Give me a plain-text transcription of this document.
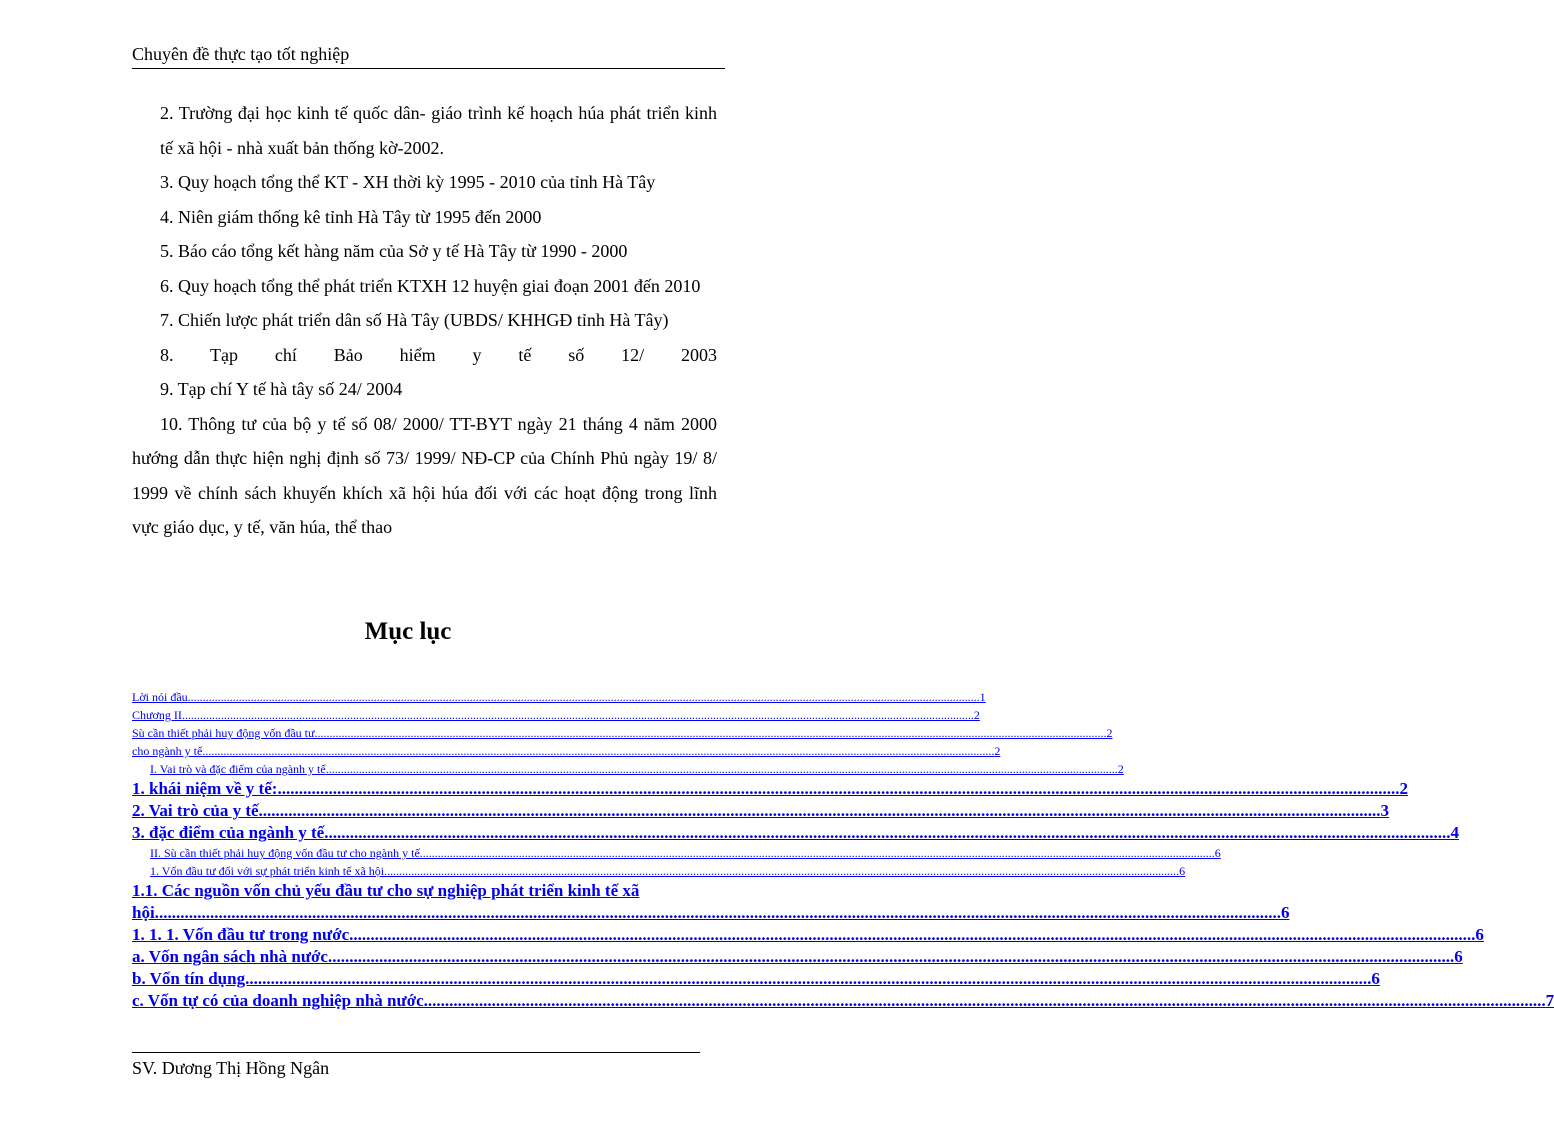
Chuyên đề thực tạo tốt nghiệp
2. Trường đại học kinh tế quốc dân- giáo trình kế hoạch húa phát triển kinh tế xã hội - nhà xuất bản thống kờ-2002.
3. Quy hoạch tổng thể KT - XH thời kỳ 1995 - 2010 của tỉnh Hà Tây
4. Niên giám thống kê tỉnh Hà Tây từ 1995 đến 2000
5. Báo cáo tổng kết hàng năm của Sở y tế Hà Tây từ 1990 - 2000
6. Quy hoạch tổng thể phát triển KTXH 12 huyện giai đoạn 2001 đến 2010
7. Chiến lược phát triển dân số Hà Tây (UBDS/ KHHGĐ tỉnh Hà Tây)
8. Tạp chí Bảo hiểm y tế số 12/ 2003
9. Tạp chí Y tế hà tây số 24/ 2004
10. Thông tư của bộ y tế số 08/ 2000/ TT-BYT ngày 21 tháng 4 năm 2000 hướng dẫn thực hiện nghị định số 73/ 1999/ NĐ-CP của Chính Phủ ngày 19/ 8/ 1999 về chính sách khuyến khích xã hội húa đối với các hoạt động trong lĩnh vực giáo dục, y tế, văn húa, thể thao
Mục lục
Lời nói đầu .....	1
Chương II .....	2
Sù cần thiết phải huy động vốn đầu tư .....	2
cho ngành y tế .....	2
I. Vai trò và đặc điểm của ngành y tế .....	2
1. khái niệm về y tế: .....	2
2. Vai trò của y tế .....	3
3. đặc điểm của ngành y tế. .....	4
II. Sù cần thiết phải huy động vốn đầu tư cho ngành y tế. .....	6
1. Vốn đầu tư đối với sự phát triển kinh tế xã hội. .....	6
1.1. Các nguồn vốn chủ yếu đầu tư cho sự nghiệp phát triển kinh tế xã
hội. .....	6
1. 1. 1. Vốn đầu tư trong nước. .....	6
a. Vốn ngân sách nhà nước. .....	6
b. Vốn tín dụng. .....	6
c. Vốn tự có của doanh nghiệp nhà nước .....	7
SV. Dương Thị Hồng Ngân
